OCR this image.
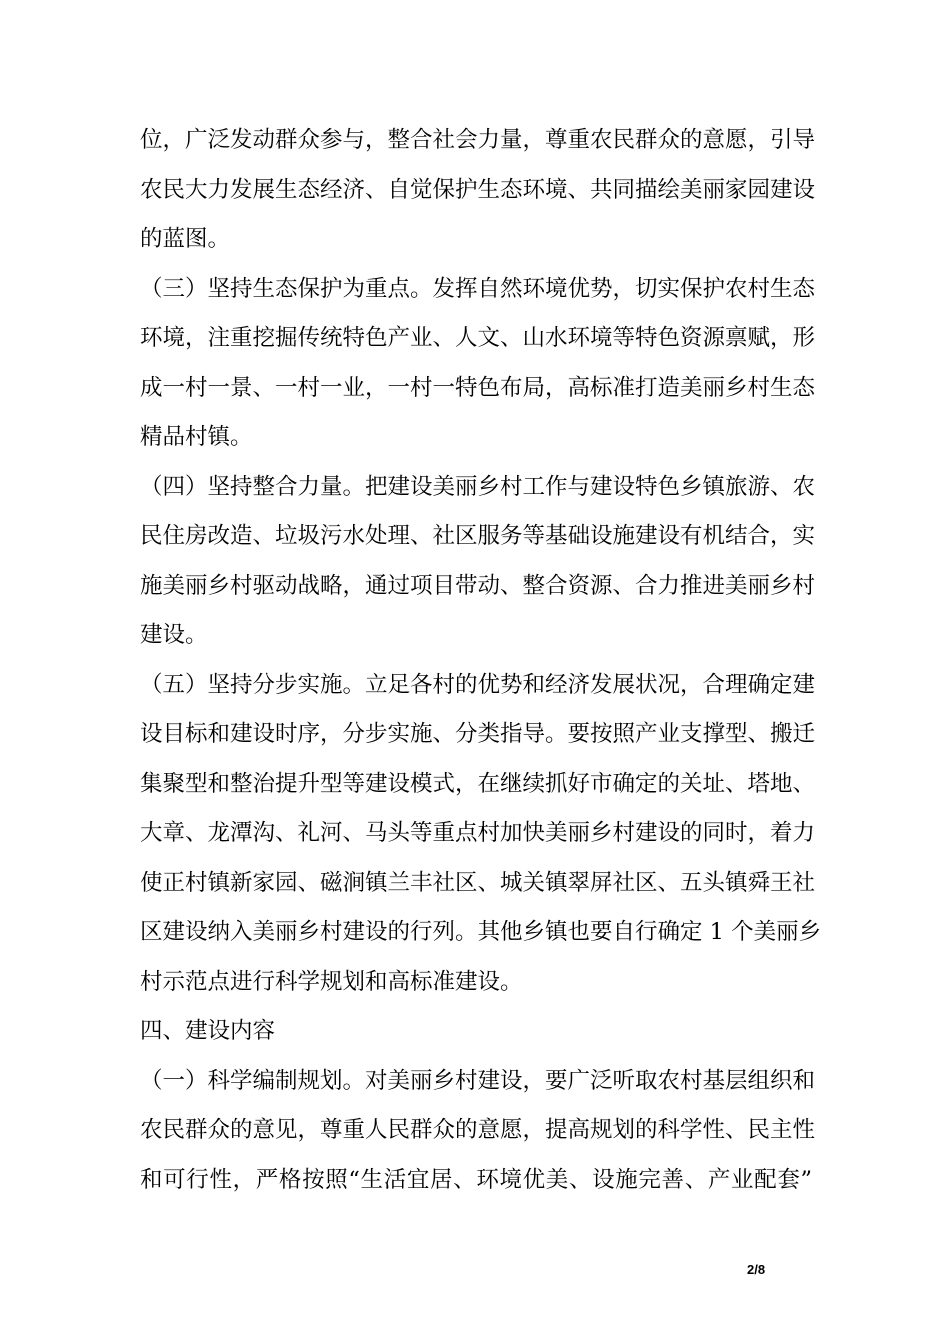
位，广泛发动群众参与，整合社会力量，尊重农民群众的意愿，引导
农民大力发展生态经济、自觉保护生态环境、共同描绘美丽家园建设
的蓝图。
（三）坚持生态保护为重点。发挥自然环境优势，切实保护农村生态
环境，注重挖掘传统特色产业、人文、山水环境等特色资源禀赋，形
成一村一景、一村一业，一村一特色布局，高标准打造美丽乡村生态
精品村镇。
（四）坚持整合力量。把建设美丽乡村工作与建设特色乡镇旅游、农
民住房改造、垃圾污水处理、社区服务等基础设施建设有机结合，实
施美丽乡村驱动战略，通过项目带动、整合资源、合力推进美丽乡村
建设。
（五）坚持分步实施。立足各村的优势和经济发展状况，合理确定建
设目标和建设时序，分步实施、分类指导。要按照产业支撑型、搬迁
集聚型和整治提升型等建设模式，在继续抓好市确定的关址、塔地、
大章、龙潭沟、礼河、马头等重点村加快美丽乡村建设的同时，着力
使正村镇新家园、磁涧镇兰丰社区、城关镇翠屏社区、五头镇舜王社
区建设纳入美丽乡村建设的行列。其他乡镇也要自行确定 1 个美丽乡
村示范点进行科学规划和高标准建设。
四、建设内容
（一）科学编制规划。对美丽乡村建设，要广泛听取农村基层组织和
农民群众的意见，尊重人民群众的意愿，提高规划的科学性、民主性
和可行性，严格按照“生活宜居、环境优美、设施完善、产业配套”
2/8
